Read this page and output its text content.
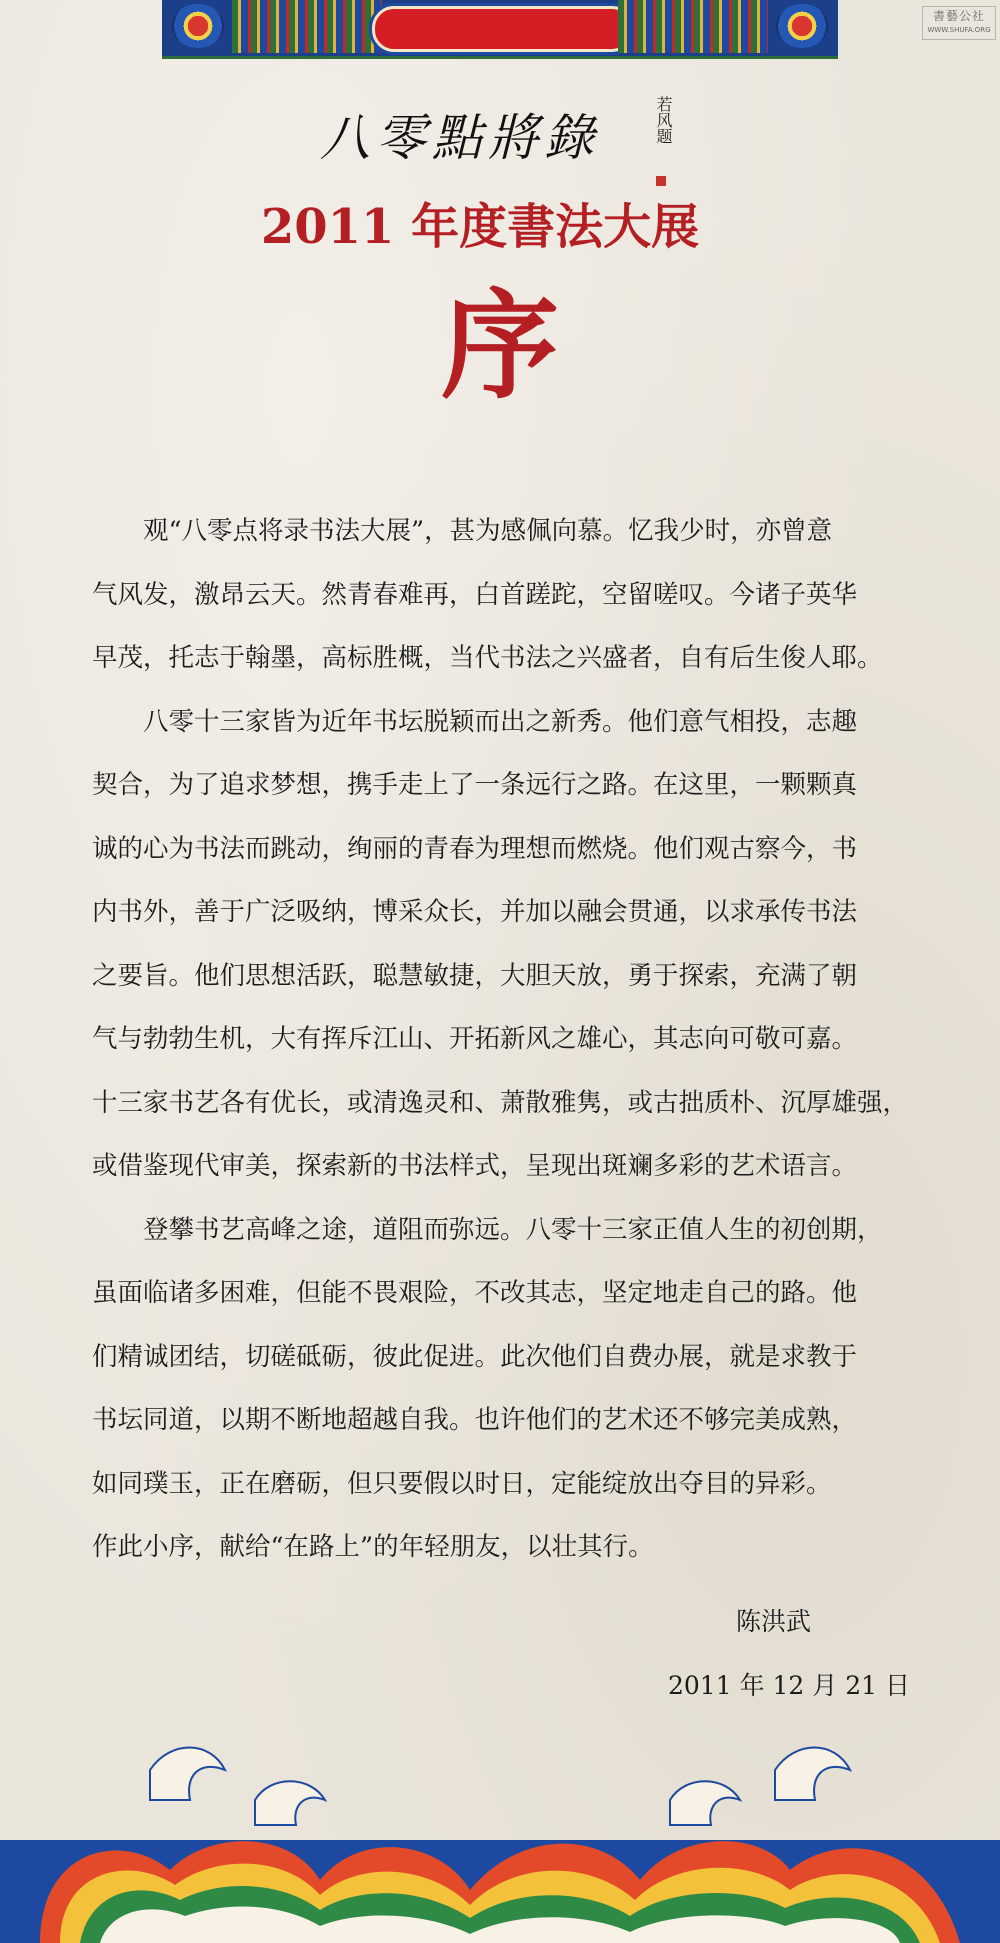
書藝公社
WWW.SHUFA.ORG
八零點將錄	若风题
2011 年度書法大展
序

　　观“八零点将录书法大展”，甚为感佩向慕。忆我少时，亦曾意

气风发，激昂云天。然青春难再，白首蹉跎，空留嗟叹。今诸子英华

早茂，托志于翰墨，高标胜概，当代书法之兴盛者，自有后生俊人耶。

　　八零十三家皆为近年书坛脱颖而出之新秀。他们意气相投，志趣

契合，为了追求梦想，携手走上了一条远行之路。在这里，一颗颗真

诚的心为书法而跳动，绚丽的青春为理想而燃烧。他们观古察今，书

内书外，善于广泛吸纳，博采众长，并加以融会贯通，以求承传书法

之要旨。他们思想活跃，聪慧敏捷，大胆天放，勇于探索，充满了朝

气与勃勃生机，大有挥斥江山、开拓新风之雄心，其志向可敬可嘉。

十三家书艺各有优长，或清逸灵和、萧散雅隽，或古拙质朴、沉厚雄强，

或借鉴现代审美，探索新的书法样式，呈现出斑斓多彩的艺术语言。

　　登攀书艺高峰之途，道阻而弥远。八零十三家正值人生的初创期，

虽面临诸多困难，但能不畏艰险，不改其志，坚定地走自己的路。他

们精诚团结，切磋砥砺，彼此促进。此次他们自费办展，就是求教于

书坛同道，以期不断地超越自我。也许他们的艺术还不够完美成熟，

如同璞玉，正在磨砺，但只要假以时日，定能绽放出夺目的异彩。

作此小序，献给“在路上”的年轻朋友，以壮其行。

陈洪武
2011 年 12 月 21 日
